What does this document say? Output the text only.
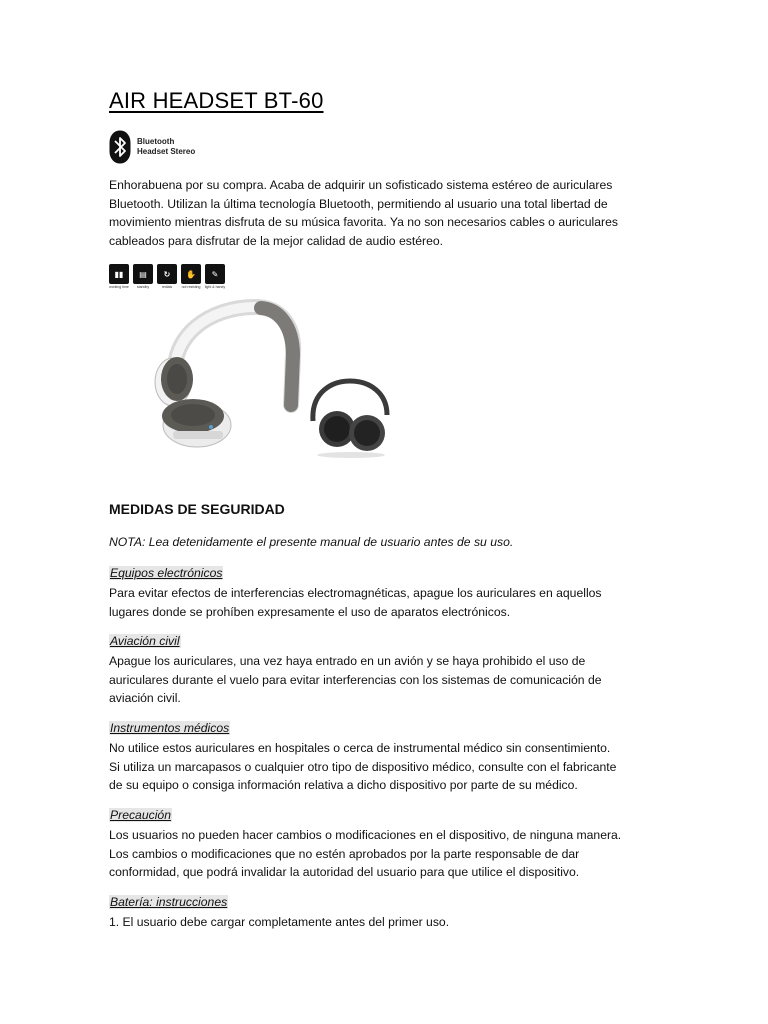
AIR HEADSET BT-60
Bluetooth
Headset Stereo

Enhorabuena por su compra. Acaba de adquirir un sofisticado sistema estéreo de auriculares
Bluetooth. Utilizan la última tecnología Bluetooth, permitiendo al usuario una total libertad de
movimiento mientras disfruta de su música favorita. Ya no son necesarios cables o auriculares
cableados para disfrutar de la mejor calidad de audio estéreo.

▮▮
working time
▤
standby
↻
redials
✋
not resisting
✎
light & handy
MEDIDAS DE SEGURIDAD

NOTA: Lea detenidamente el presente manual de usuario antes de su uso.

Equipos electrónicos

Para evitar efectos de interferencias electromagnéticas, apague los auriculares en aquellos
lugares donde se prohíben expresamente el uso de aparatos electrónicos.

Aviación civil

Apague los auriculares, una vez haya entrado en un avión y se haya prohibido el uso de
auriculares durante el vuelo para evitar interferencias con los sistemas de comunicación de
aviación civil.

Instrumentos médicos

No utilice estos auriculares en hospitales o cerca de instrumental médico sin consentimiento.
Si utiliza un marcapasos o cualquier otro tipo de dispositivo médico, consulte con el fabricante
de su equipo o consiga información relativa a dicho dispositivo por parte de su médico.

Precaución

Los usuarios no pueden hacer cambios o modificaciones en el dispositivo, de ninguna manera.
Los cambios o modificaciones que no estén aprobados por la parte responsable de dar
conformidad, que podrá invalidar la autoridad del usuario para que utilice el dispositivo.

Batería: instrucciones

1. El usuario debe cargar completamente antes del primer uso.
